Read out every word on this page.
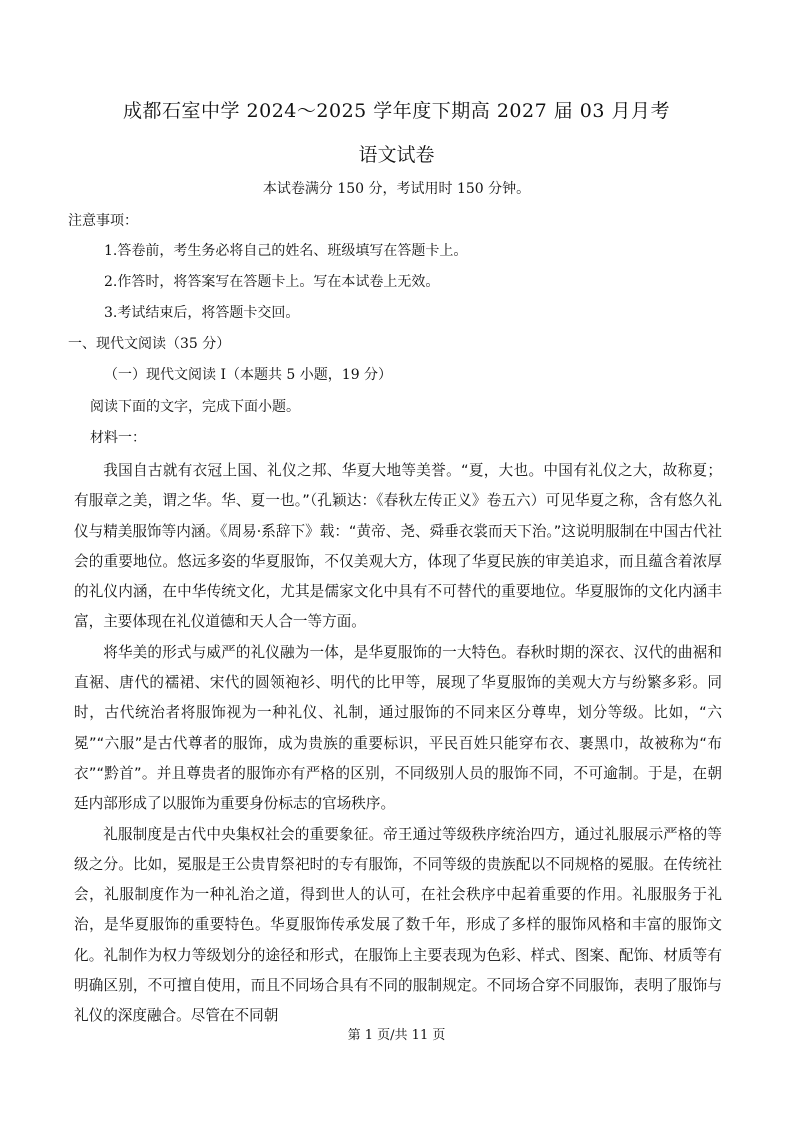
成都石室中学 2024～2025 学年度下期高 2027 届 03 月月考
语文试卷
本试卷满分 150 分，考试用时 150 分钟。
注意事项：
1.答卷前，考生务必将自己的姓名、班级填写在答题卡上。
2.作答时，将答案写在答题卡上。写在本试卷上无效。
3.考试结束后，将答题卡交回。
一、现代文阅读（35 分）
（一）现代文阅读 I（本题共 5 小题，19 分）
阅读下面的文字，完成下面小题。
材料一：

我国自古就有衣冠上国、礼仪之邦、华夏大地等美誉。“夏，大也。中国有礼仪之大，故称夏；有服章之美，谓之华。华、夏一也。”（孔颖达：《春秋左传正义》卷五六）可见华夏之称，含有悠久礼仪与精美服饰等内涵。《周易·系辞下》载：“黄帝、尧、舜垂衣裳而天下治。”这说明服制在中国古代社会的重要地位。悠远多姿的华夏服饰，不仅美观大方，体现了华夏民族的审美追求，而且蕴含着浓厚的礼仪内涵，在中华传统文化，尤其是儒家文化中具有不可替代的重要地位。华夏服饰的文化内涵丰富，主要体现在礼仪道德和天人合一等方面。

将华美的形式与威严的礼仪融为一体，是华夏服饰的一大特色。春秋时期的深衣、汉代的曲裾和直裾、唐代的襦裙、宋代的圆领袍衫、明代的比甲等，展现了华夏服饰的美观大方与纷繁多彩。同时，古代统治者将服饰视为一种礼仪、礼制，通过服饰的不同来区分尊卑，划分等级。比如，“六冕”“六服”是古代尊者的服饰，成为贵族的重要标识，平民百姓只能穿布衣、裹黑巾，故被称为“布衣”“黔首”。并且尊贵者的服饰亦有严格的区别，不同级别人员的服饰不同，不可逾制。于是，在朝廷内部形成了以服饰为重要身份标志的官场秩序。

礼服制度是古代中央集权社会的重要象征。帝王通过等级秩序统治四方，通过礼服展示严格的等级之分。比如，冕服是王公贵胄祭祀时的专有服饰，不同等级的贵族配以不同规格的冕服。在传统社会，礼服制度作为一种礼治之道，得到世人的认可，在社会秩序中起着重要的作用。礼服服务于礼治，是华夏服饰的重要特色。华夏服饰传承发展了数千年，形成了多样的服饰风格和丰富的服饰文化。礼制作为权力等级划分的途径和形式，在服饰上主要表现为色彩、样式、图案、配饰、材质等有明确区别，不可擅自使用，而且不同场合具有不同的服制规定。不同场合穿不同服饰，表明了服饰与礼仪的深度融合。尽管在不同朝

第 1 页/共 11 页
